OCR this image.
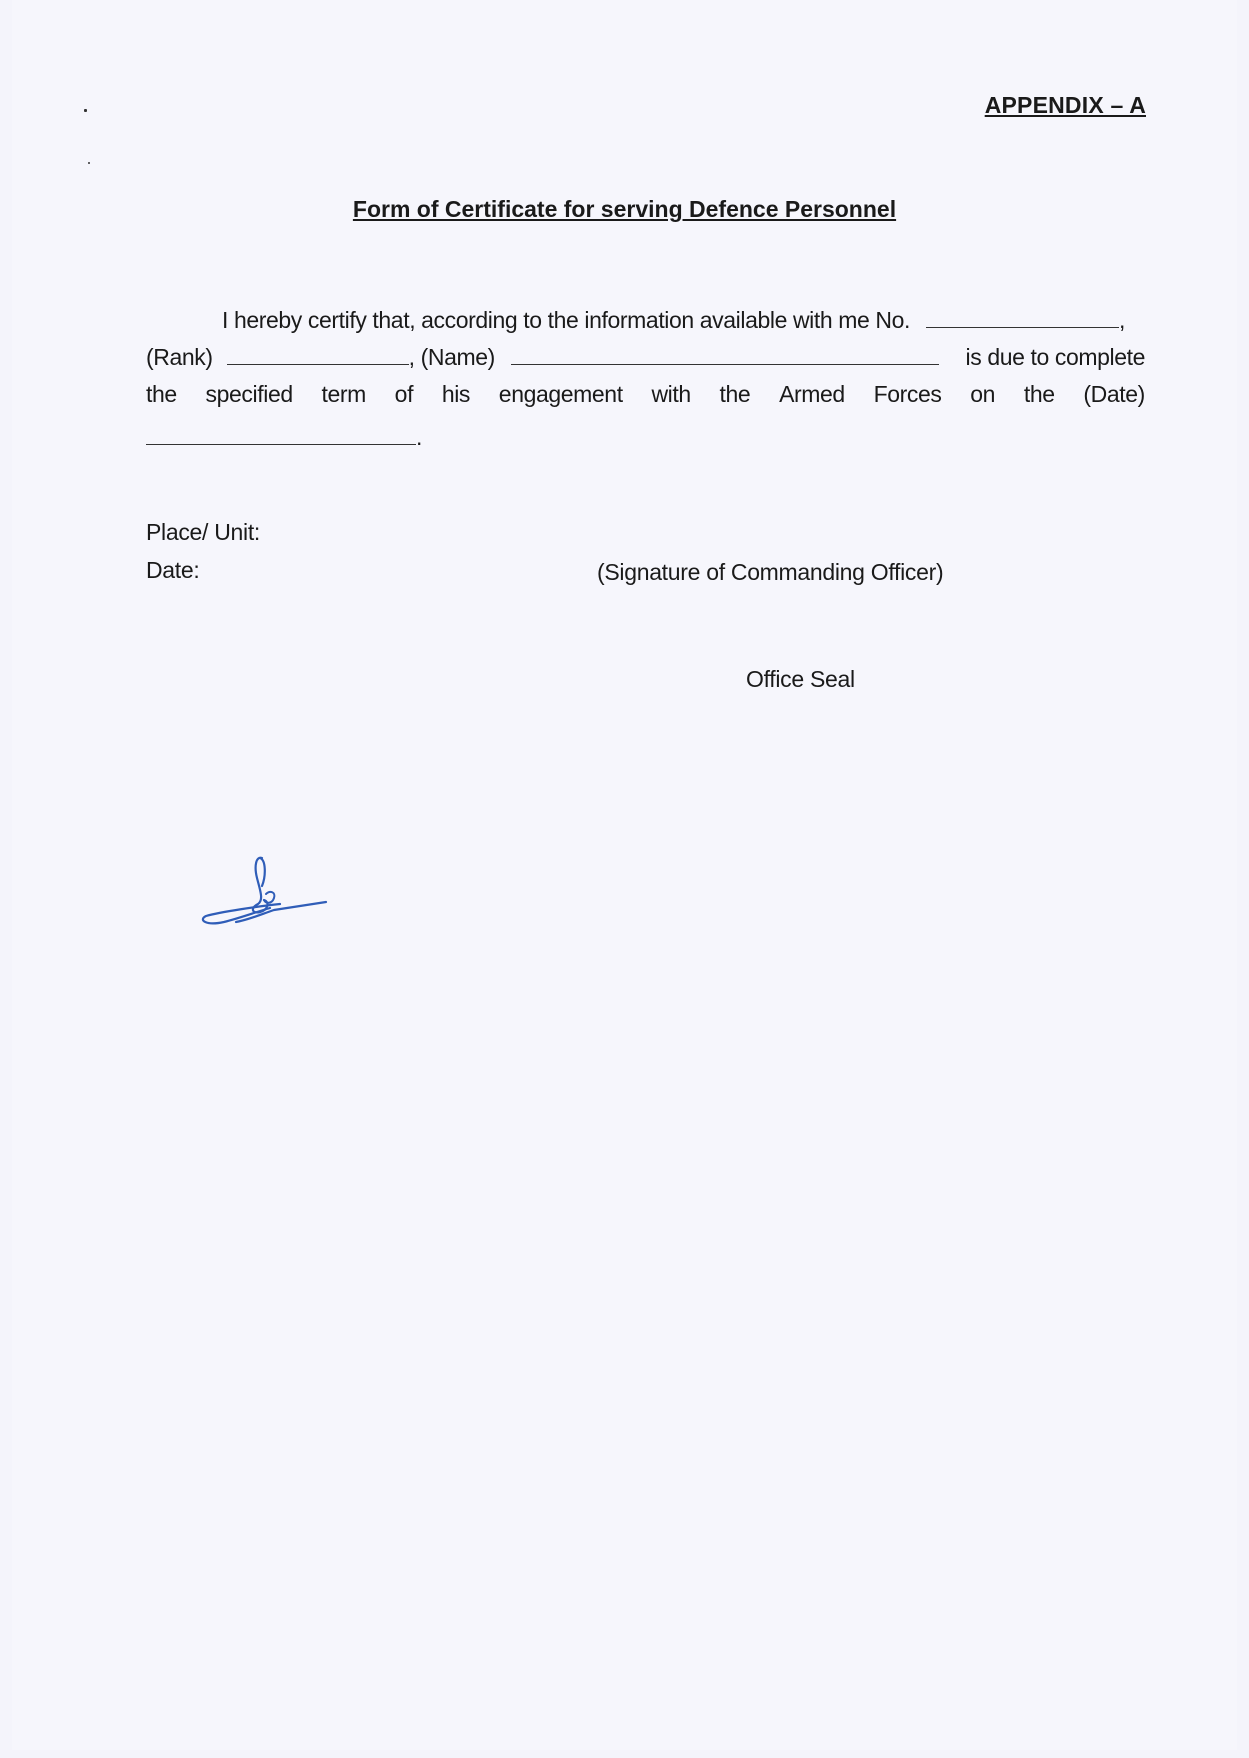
APPENDIX – A
Form of Certificate for serving Defence Personnel
I hereby certify that, according to the information available with me No.	,
(Rank)	, (Name)	is due to complete
the specified term of his engagement with the Armed Forces on the (Date)
.
Place/ Unit:
Date:	(Signature of Commanding Officer)
Office Seal
